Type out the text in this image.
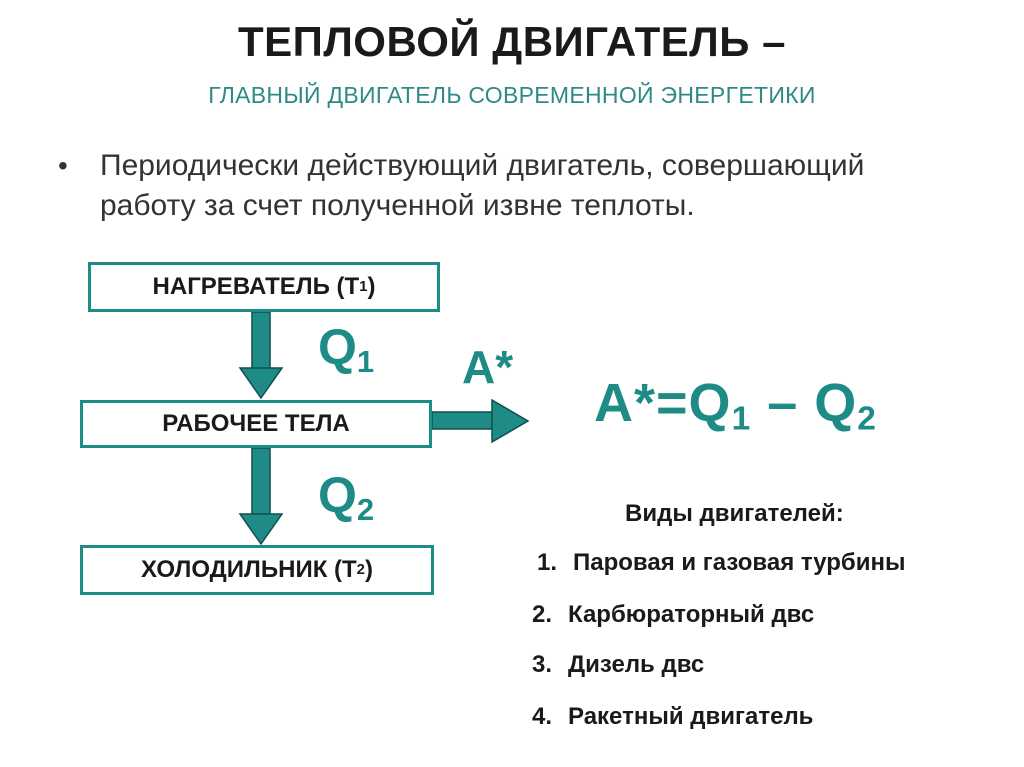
ТЕПЛОВОЙ ДВИГАТЕЛЬ –
ГЛАВНЫЙ ДВИГАТЕЛЬ СОВРЕМЕННОЙ ЭНЕРГЕТИКИ
• Периодически действующий двигатель, совершающий
работу за счет полученной извне теплоты.
НАГРЕВАТЕЛЬ (Т 1 )
РАБОЧЕЕ ТЕЛА
ХОЛОДИЛЬНИК (Т 2 )
$Q_1$
$Q_2$
А*
$А*=Q_1 - Q_2$
Виды двигателей:
1. Паровая и газовая турбины
2. Карбюраторный двс
3. Дизель двс
4. Ракетный двигатель
